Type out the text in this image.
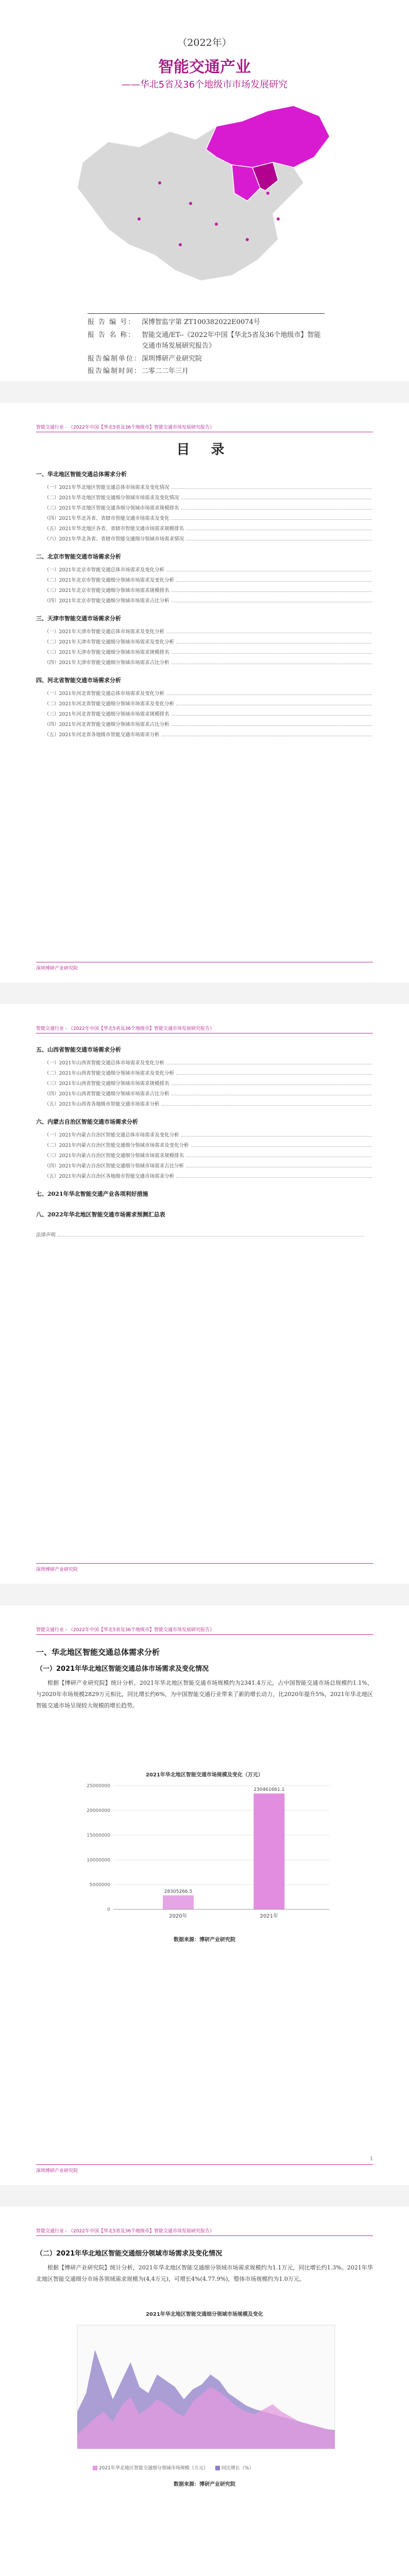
（2022年）
智能交通产业
——华北5省及36个地级市市场发展研究
报 告 编 号： 深博智监字第 ZT100382022E0074号
报 告 名 称： 智能交通/ET--《2022年中国【华北5省及36个地级市】智能交通市场发展研究报告》
报告编制单位：深圳博研产业研究院
报告编制时间：二零二二年三月
智能交通行业 - 《2022年中国【华北5省及36个地级市】智能交通市场发展研究报告》
目 录
一、华北地区智能交通总体需求分析
（一）2021年华北地区智能交通总体市场需求及变化情况
（二）2021年华北地区智能交通细分领域市场需求及变化情况
（三）2021年华北地区智能交通各细分领域市场需求规模排名
（四）2021年华北各省、省辖市智能交通市场需求及变化
（五）2021年华北地区各省、省辖市智能交通市场需求规模排名
（六）2021年华北各省、省辖市智能交通细分领域市场需求情况
二、北京市智能交通市场需求分析
（一）2021年北京市智能交通总体市场需求及变化分析
（二）2021年北京市智能交通细分领域市场需求及变化分析
（三）2021年北京市智能交通细分领域市场需求规模排名
（四）2021年北京市智能交通细分领域市场需求占比分析
三、天津市智能交通市场需求分析
（一）2021年天津市智能交通总体市场需求及变化分析
（二）2021年天津市智能交通细分领域市场需求及变化分析
（三）2021年天津市智能交通细分领域市场需求规模排名
（四）2021年天津市智能交通细分领域市场需求占比分析
四、河北省智能交通市场需求分析
（一）2021年河北省智能交通总体市场需求及变化分析
（二）2021年河北省智能交通细分领域市场需求及变化分析
（三）2021年河北省智能交通细分领域市场需求规模排名
（四）2021年河北省智能交通细分领域市场需求占比分析
（五）2021年河北省各地级市智能交通市场需求分析
深圳博研产业研究院
智能交通行业 - 《2022年中国【华北5省及36个地级市】智能交通市场发展研究报告》
五、山西省智能交通市场需求分析
（一）2021年山西省智能交通总体市场需求及变化分析
（二）2021年山西省智能交通细分领域市场需求及变化分析
（三）2021年山西省智能交通细分领域市场需求规模排名
（四）2021年山西省智能交通细分领域市场需求占比分析
（五）2021年山西省各地级市智能交通市场需求分析
六、内蒙古自治区智能交通市场需求分析
（一）2021年内蒙古自治区智能交通总体市场需求及变化分析
（二）2021年内蒙古自治区智能交通细分领域市场需求及变化分析
（三）2021年内蒙古自治区智能交通细分领域市场需求规模排名
（四）2021年内蒙古自治区智能交通细分领域市场需求占比分析
（五）2021年内蒙古自治区各地级市智能交通市场需求分析
七、2021年华北智能交通产业各项利好措施
八、2022年华北地区智能交通市场需求预测汇总表
法律声明
深圳博研产业研究院
智能交通行业 - 《2022年中国【华北5省及36个地级市】智能交通市场发展研究报告》
一、华北地区智能交通总体需求分析
（一）2021年华北地区智能交通总体市场需求及变化情况
根据【博研产业研究院】统计分析，2021年华北地区智能交通市场规模约为2341.4万元，占中国智能交通市场总规模约1.1%，与2020年市场规模2829万元相比，同比增长约6%，为中国智能交通行业带来了新的增长动力，比2020年提升5%，2021年华北地区智能交通市场呈现较大规模的增长趋势。
2021年华北地区智能交通市场规模及变化（万元）
0
5000000
10000000
15000000
20000000
25000000
28305266.5
2020年
230461661.1
2021年
数据来源：博研产业研究院
深圳博研产业研究院
1
智能交通行业 - 《2022年中国【华北5省及36个地级市】智能交通市场发展研究报告》
（二）2021年华北地区智能交通细分领域市场需求及变化情况
根据【博研产业研究院】统计分析，2021年华北地区智能交通细分领域市场需求规模约为1.1万元，同比增长约1.3%。2021年华北地区智能交通细分市场各领域需求规模为(4,4万元)，可增长4%(4.77.9%)，整体市场规模约为1.0万元。
2021年华北地区智能交通细分领域市场规模及变化
2021年华北地区智能交通细分领域市场规模（万元）	同比增长（%）
数据来源：博研产业研究院
